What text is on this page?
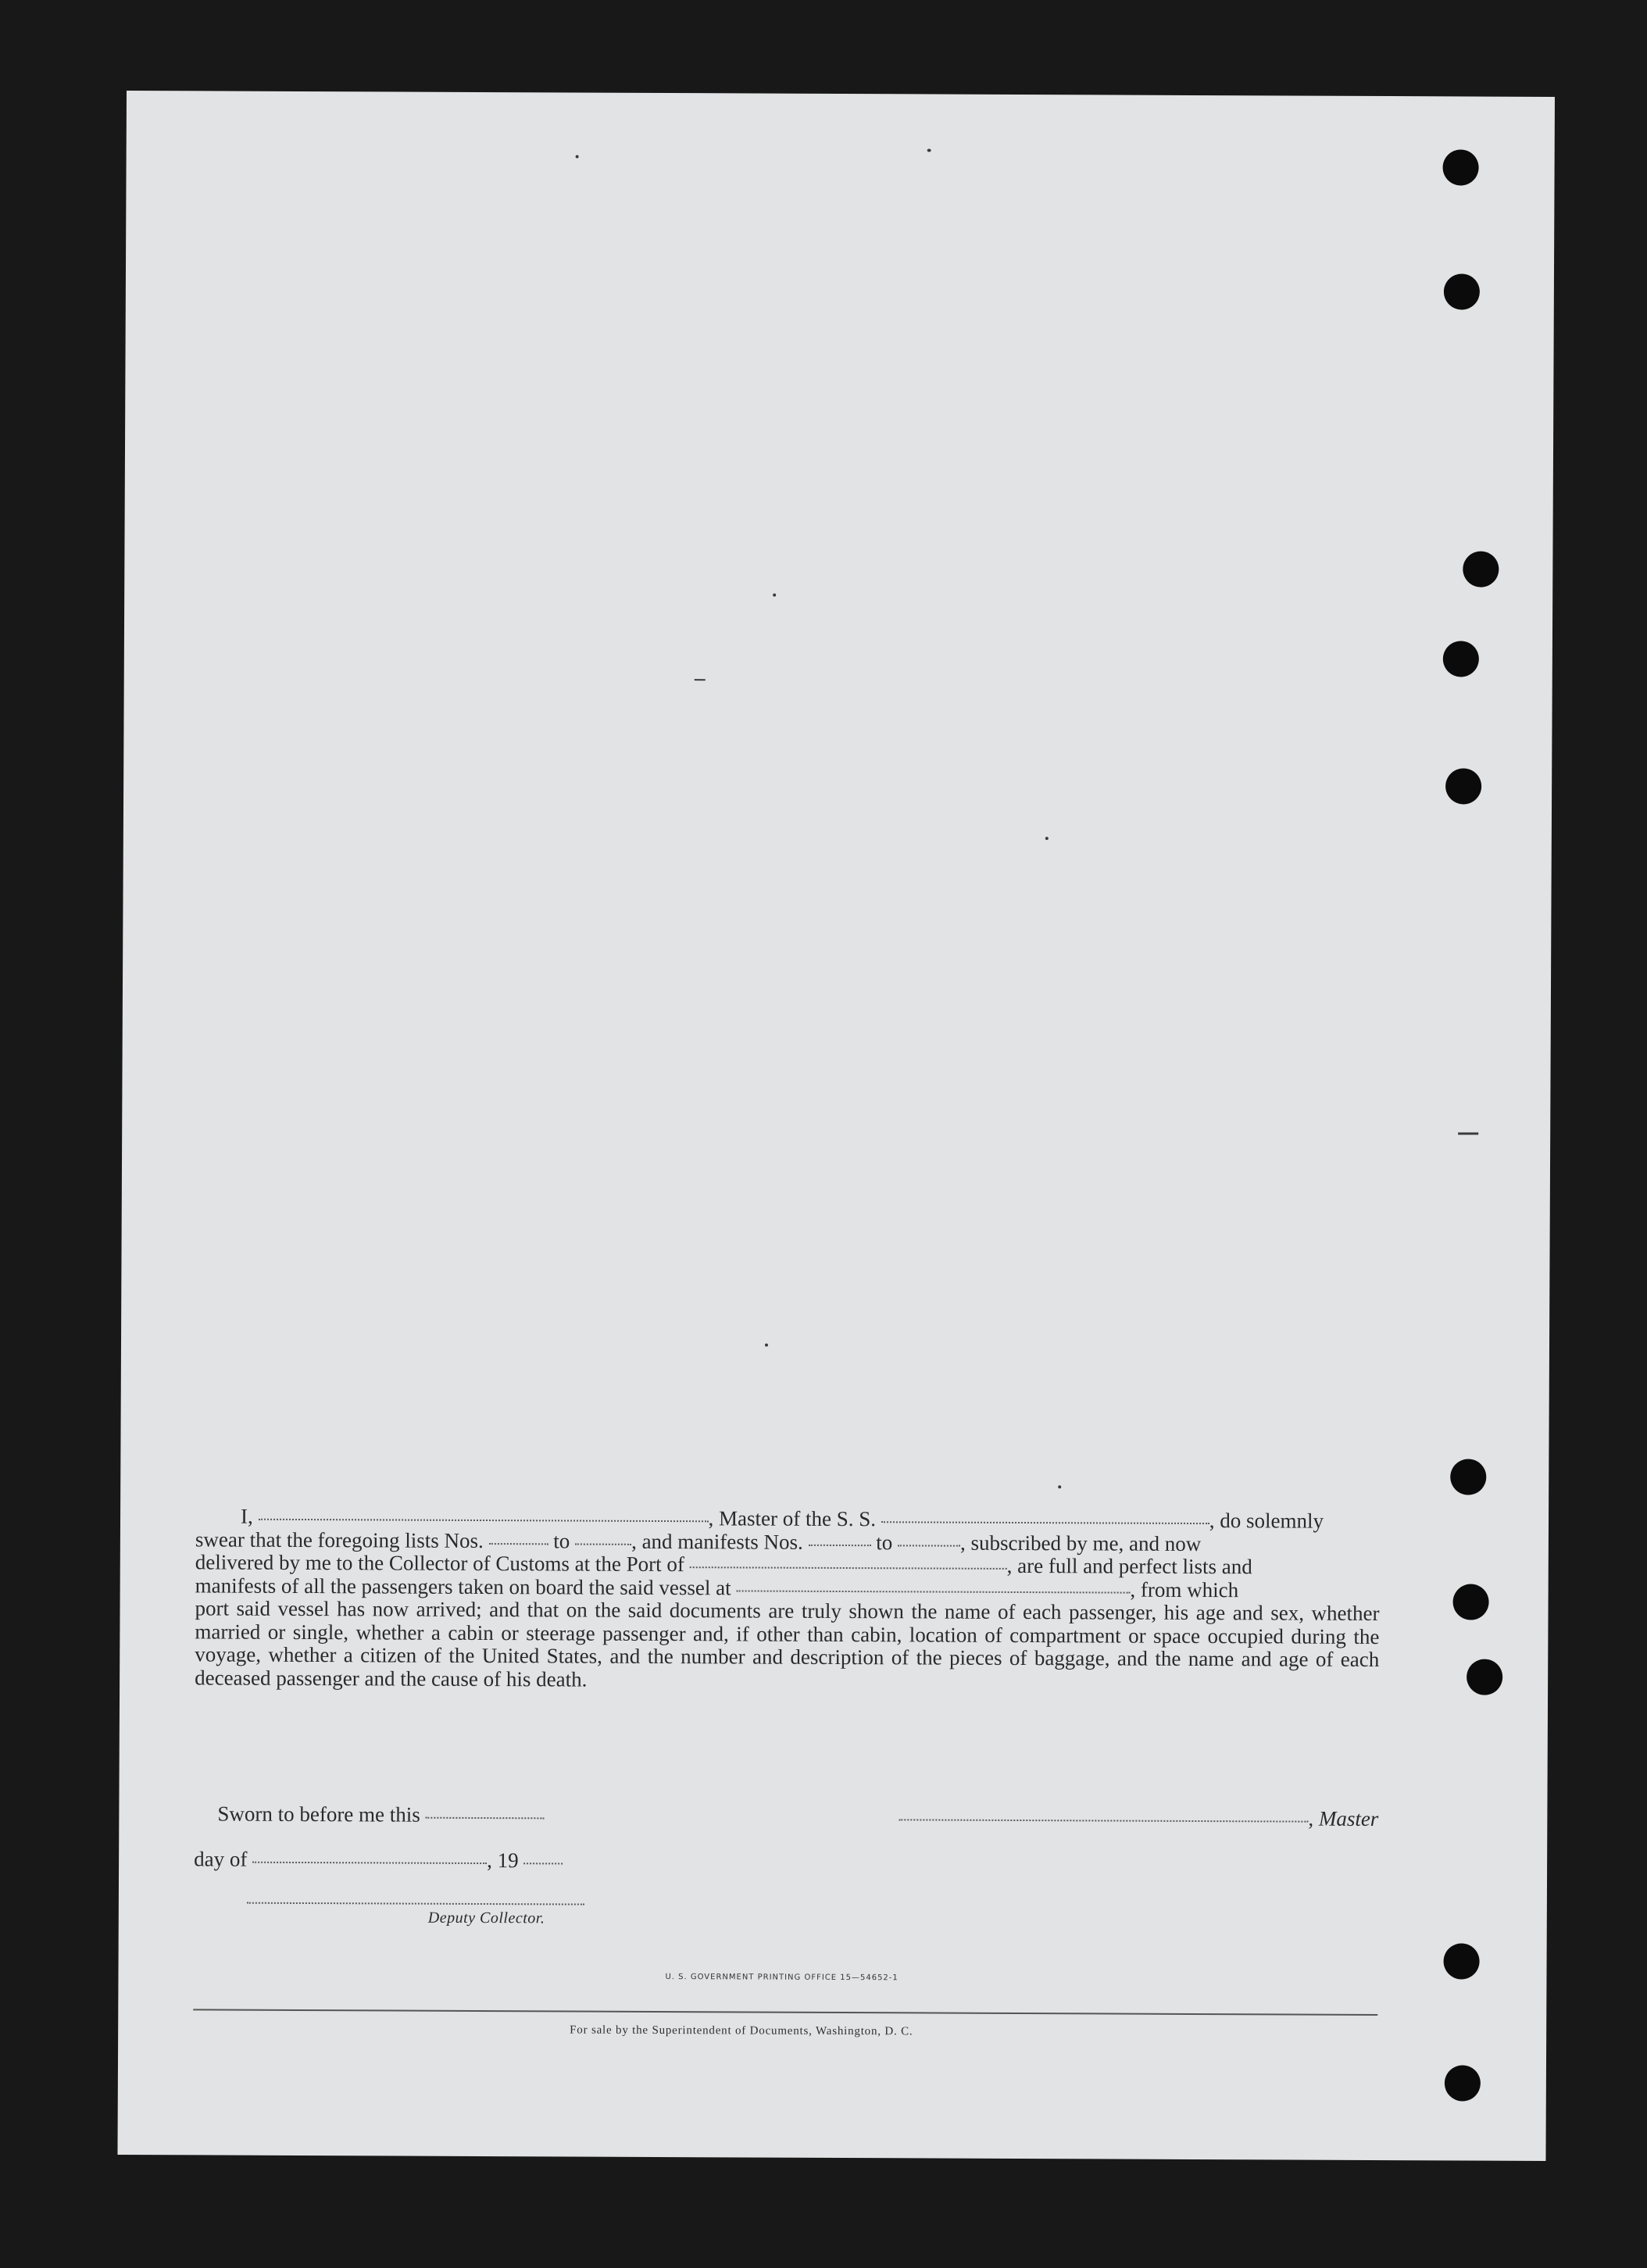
I,	, Master of the S. S.	, do solemnly
swear that the foregoing lists Nos.	to	, and manifests Nos.	to	, subscribed by me, and now
delivered by me to the Collector of Customs at the Port of	, are full and perfect lists and
manifests of all the passengers taken on board the said vessel at	, from which
port said vessel has now arrived; and that on the said documents are truly shown the name of each passenger, his age and sex, whether married or single, whether a cabin or steerage passenger and, if other than cabin, location of compartment or space occupied during the voyage, whether a citizen of the United States, and the number and description of the pieces of baggage, and the name and age of each deceased passenger and the cause of his death.
Sworn to before me this	, Master
day of	, 19
Deputy Collector.
U. S. GOVERNMENT PRINTING OFFICE 15—54652-1
For sale by the Superintendent of Documents, Washington, D. C.
